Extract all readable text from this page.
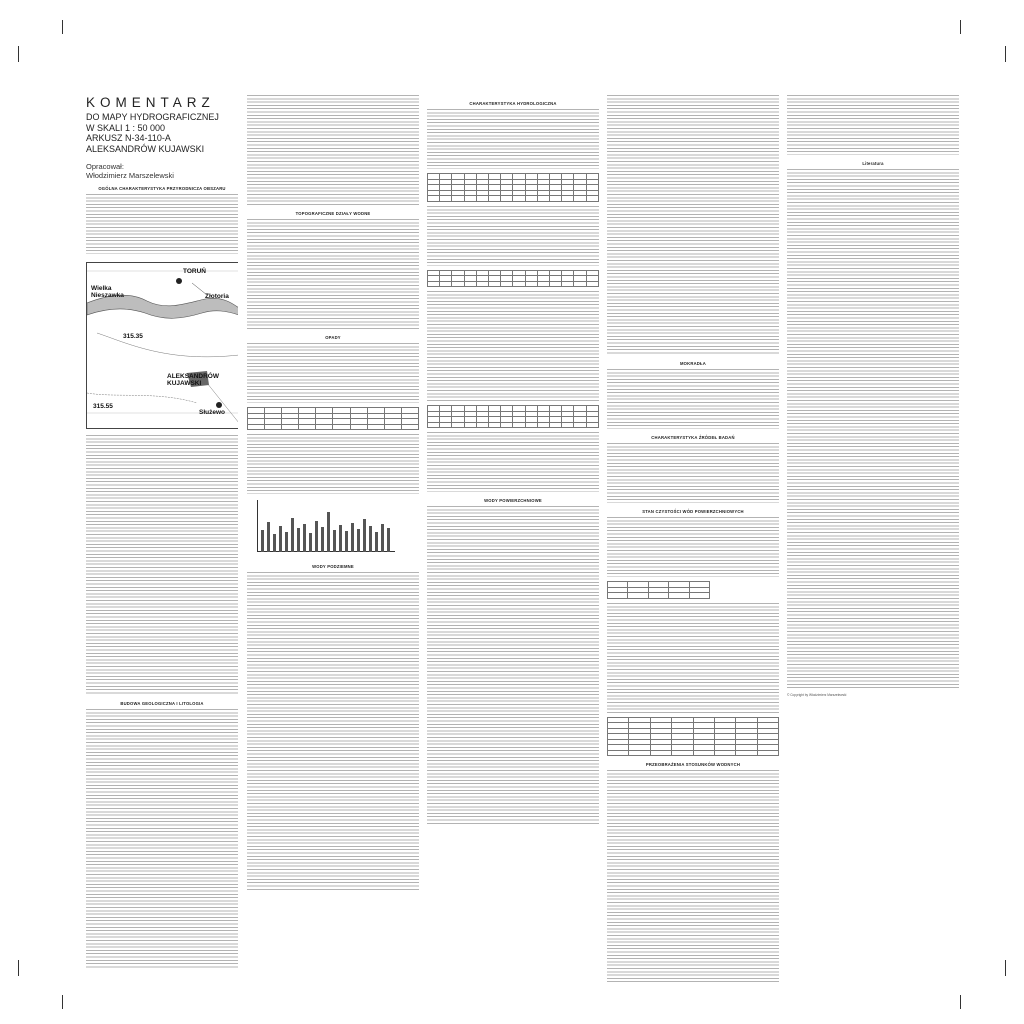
KOMENTARZ
DO MAPY HYDROGRAFICZNEJ
W SKALI 1 : 50 000
ARKUSZ N-34-110-A
ALEKSANDRÓW KUJAWSKI
Opracował:
Włodzimierz Marszelewski
OGÓLNA CHARAKTERYSTYKA PRZYRODNICZA OBSZARU
TORUŃ
Wielka
Nieszawka	Złotoria
315.35
ALEKSANDRÓW
KUJAWSKI
315.55
Służewo
BUDOWA GEOLOGICZNA I LITOLOGIA
TOPOGRAFICZNE DZIAŁY WODNE
OPADY

WODY PODZIEMNE
CHARAKTERYSTYKA HYDROLOGICZNA

WODY POWIERZCHNIOWE
MOKRADŁA
CHARAKTERYSTYKA ŹRÓDEŁ BADAŃ
STAN CZYSTOŚCI WÓD POWIERZCHNIOWYCH

PRZEOBRAŻENIA STOSUNKÓW WODNYCH
Literatura
© Copyright by Włodzimierz Marszelewski
